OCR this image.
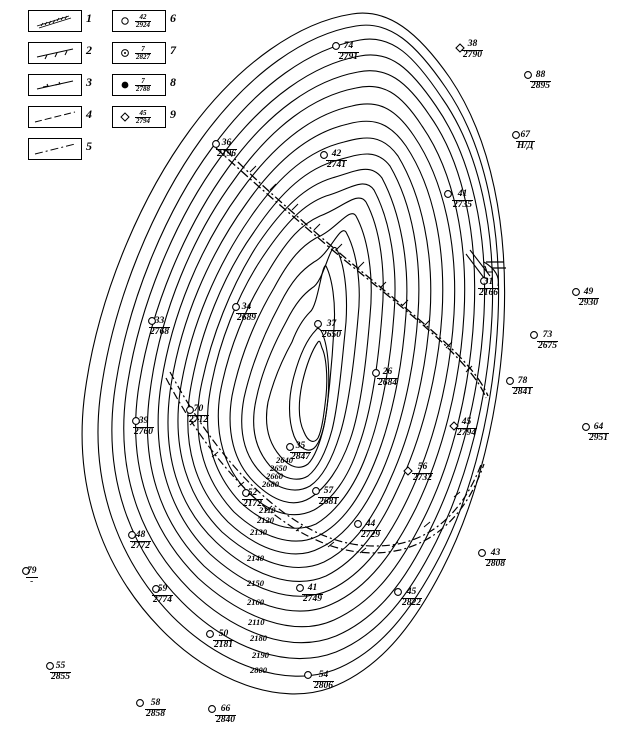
1
2
3
4
5
$\frac{42}{2924} 6$
$\frac{7}{2827} 7$
$\frac{7}{2788} 8$
$\frac{45}{2794} 9$
74
2791
38
2790
88
2895
67
Н/Д
36
2196	42
2741
41
2735
31
2166	49
2930
34
2689
73
2675
37
2650
33
2768
78
2841
26
2684
64
2951
70
2712
39
2760
45
2794
35
2847
56
2732
57
2681
52
2172
44
2729
48
2772
43
2808
79
-
59
2774
41
2749
45
2822
50
2181
54
2806
55
2855
58
2858	66
2840
2640
2650
2660
2680
2110
2120
2130
2140
2150
2160
2110
2180
2190
2800
